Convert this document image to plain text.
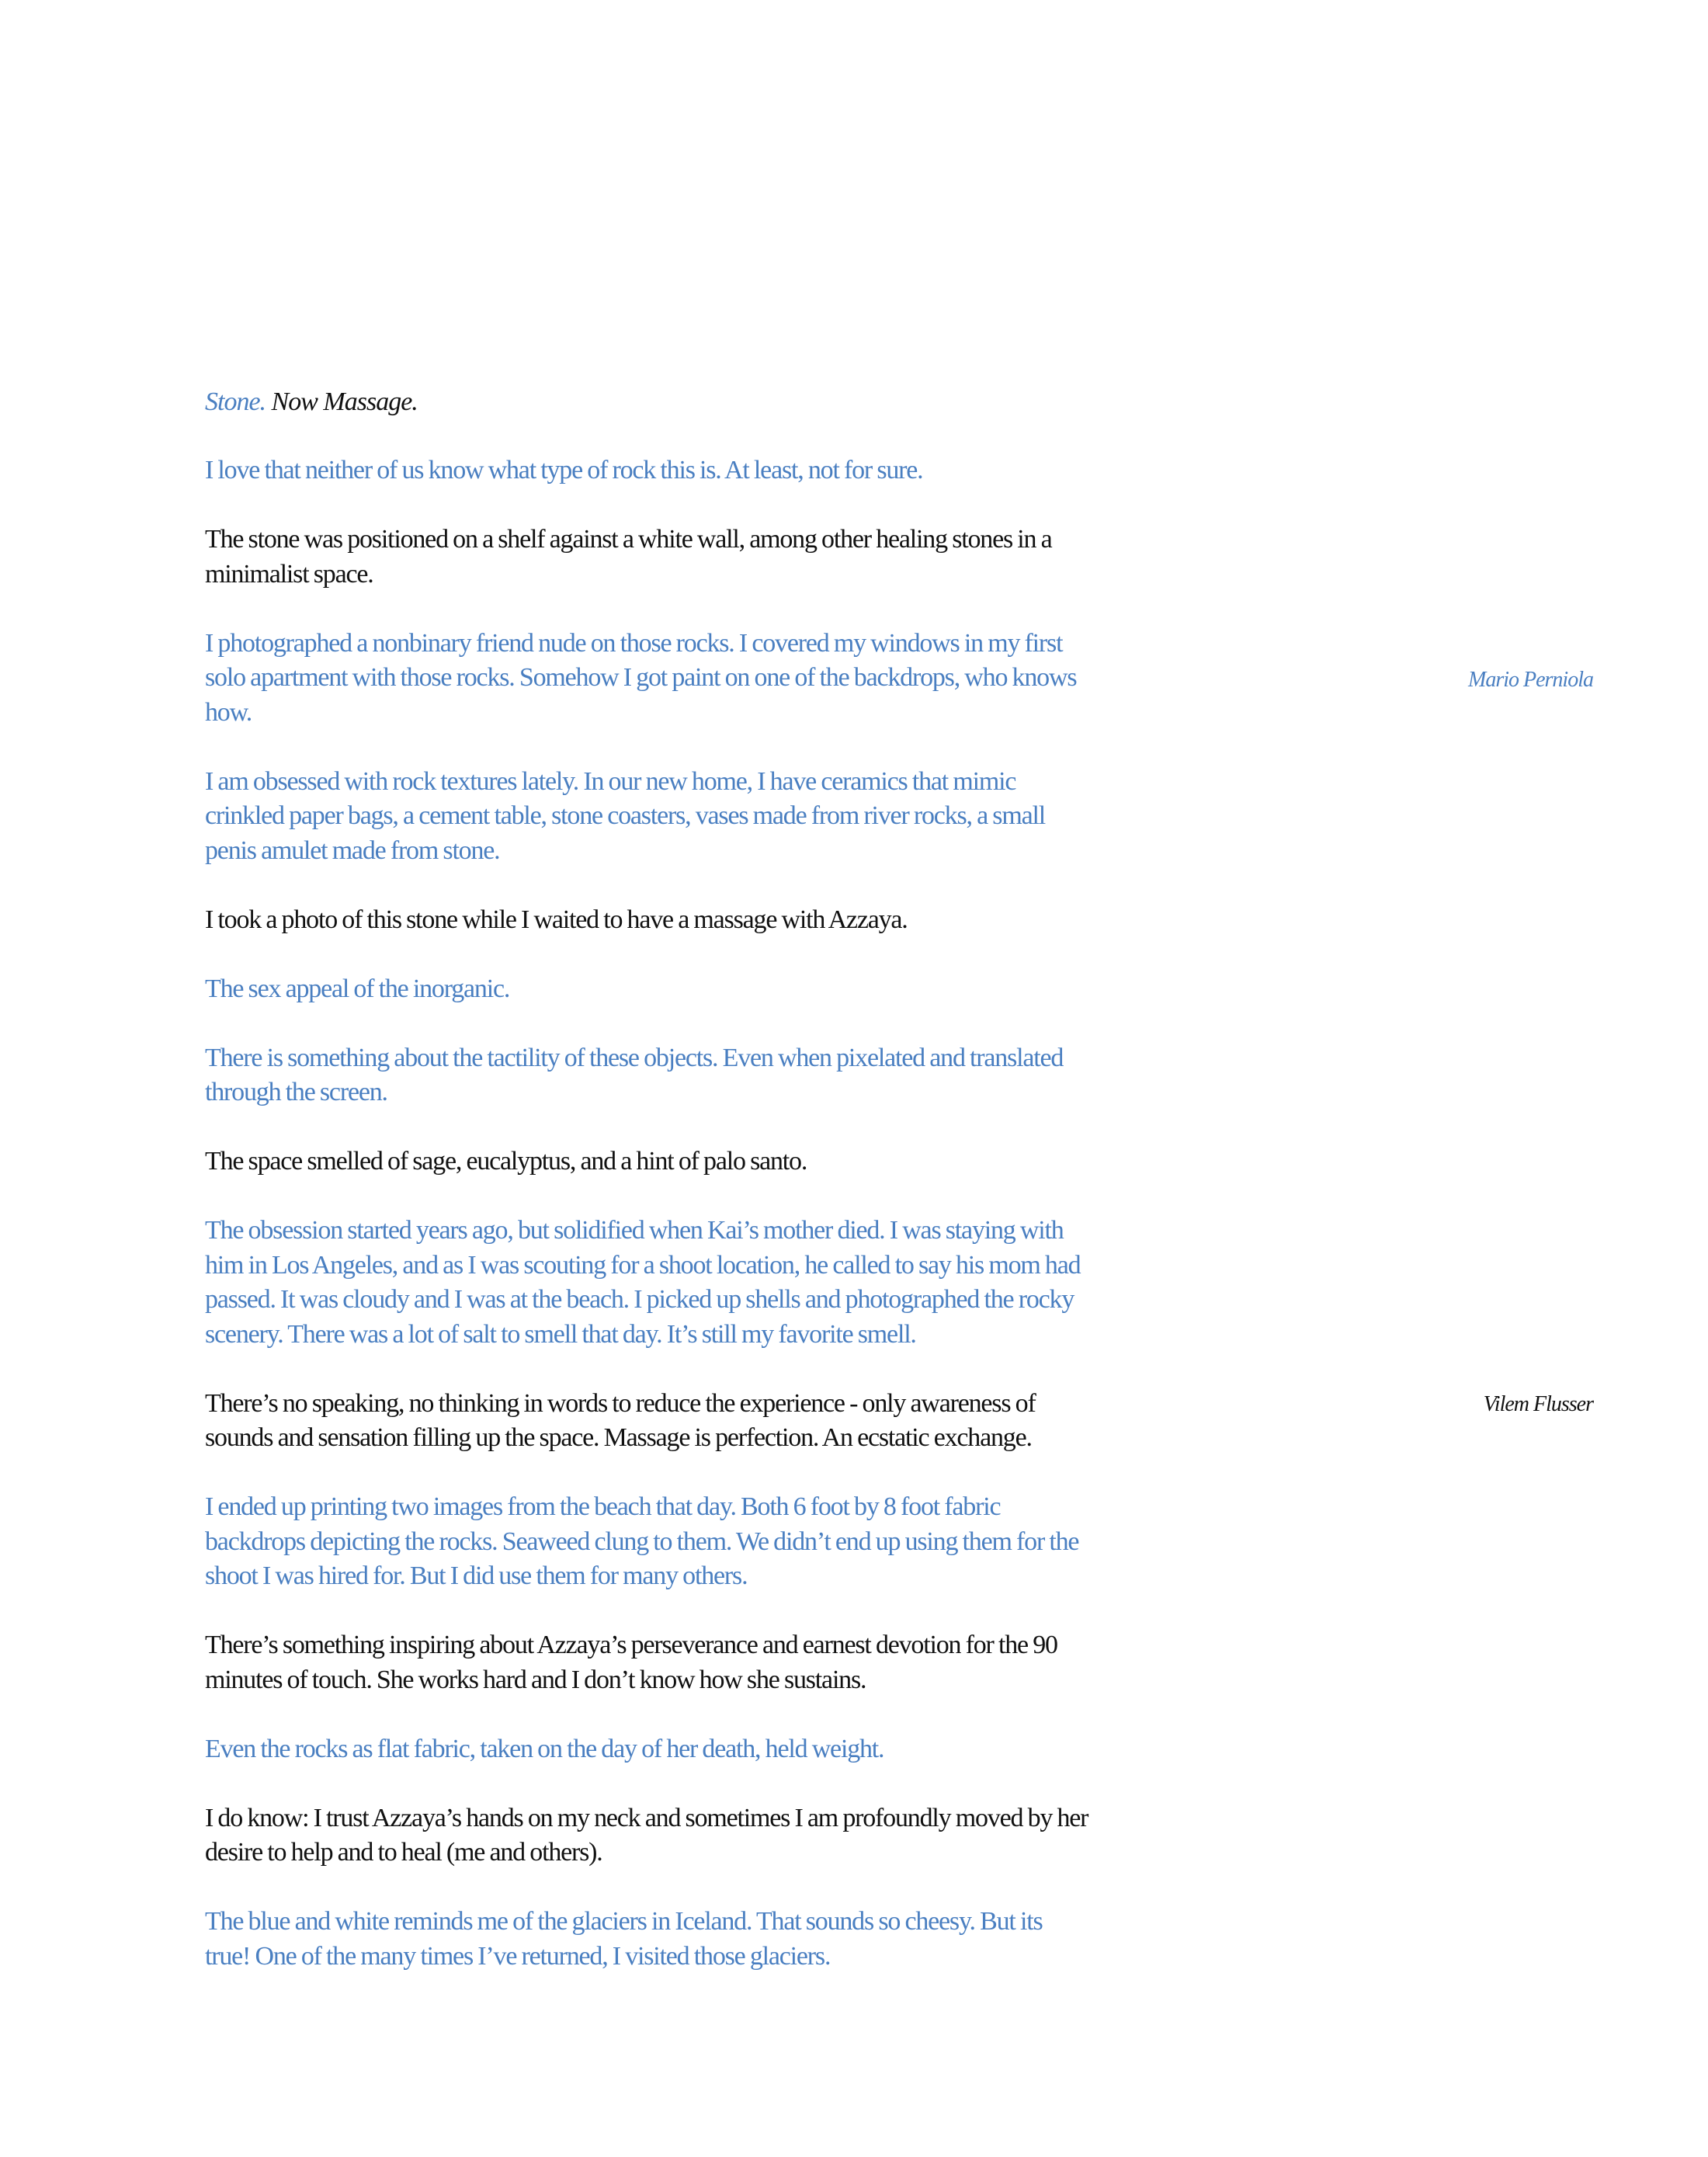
Stone. Now Massage.

I love that neither of us know what type of rock this is. At least, not for sure.

The stone was positioned on a shelf against a white wall, among other healing stones in a minimalist space.

I photographed a nonbinary friend nude on those rocks. I covered my windows in my first solo apartment with those rocks. Somehow I got paint on one of the backdrops, who knows how.

I am obsessed with rock textures lately. In our new home, I have ceramics that mimic crinkled paper bags, a cement table, stone coasters, vases made from river rocks, a small penis amulet made from stone.

I took a photo of this stone while I waited to have a massage with Azzaya.

The sex appeal of the inorganic.

There is something about the tactility of these objects. Even when pixelated and translated through the screen.

The space smelled of sage, eucalyptus, and a hint of palo santo.

The obsession started years ago, but solidified when Kai’s mother died. I was staying with him in Los Angeles, and as I was scouting for a shoot location, he called to say his mom had passed. It was cloudy and I was at the beach. I picked up shells and photographed the rocky scenery. There was a lot of salt to smell that day. It’s still my favorite smell.

There’s no speaking, no thinking in words to reduce the experience - only awareness of sounds and sensation filling up the space. Massage is perfection. An ecstatic exchange.

I ended up printing two images from the beach that day. Both 6 foot by 8 foot fabric backdrops depicting the rocks. Seaweed clung to them. We didn’t end up using them for the shoot I was hired for. But I did use them for many others.

There’s something inspiring about Azzaya’s perseverance and earnest devotion for the 90 minutes of touch. She works hard and I don’t know how she sustains.

Even the rocks as flat fabric, taken on the day of her death, held weight.

I do know: I trust Azzaya’s hands on my neck and sometimes I am profoundly moved by her desire to help and to heal (me and others).

The blue and white reminds me of the glaciers in Iceland. That sounds so cheesy. But its true! One of the many times I’ve returned, I visited those glaciers.

Mario Perniola
Vilem Flusser
